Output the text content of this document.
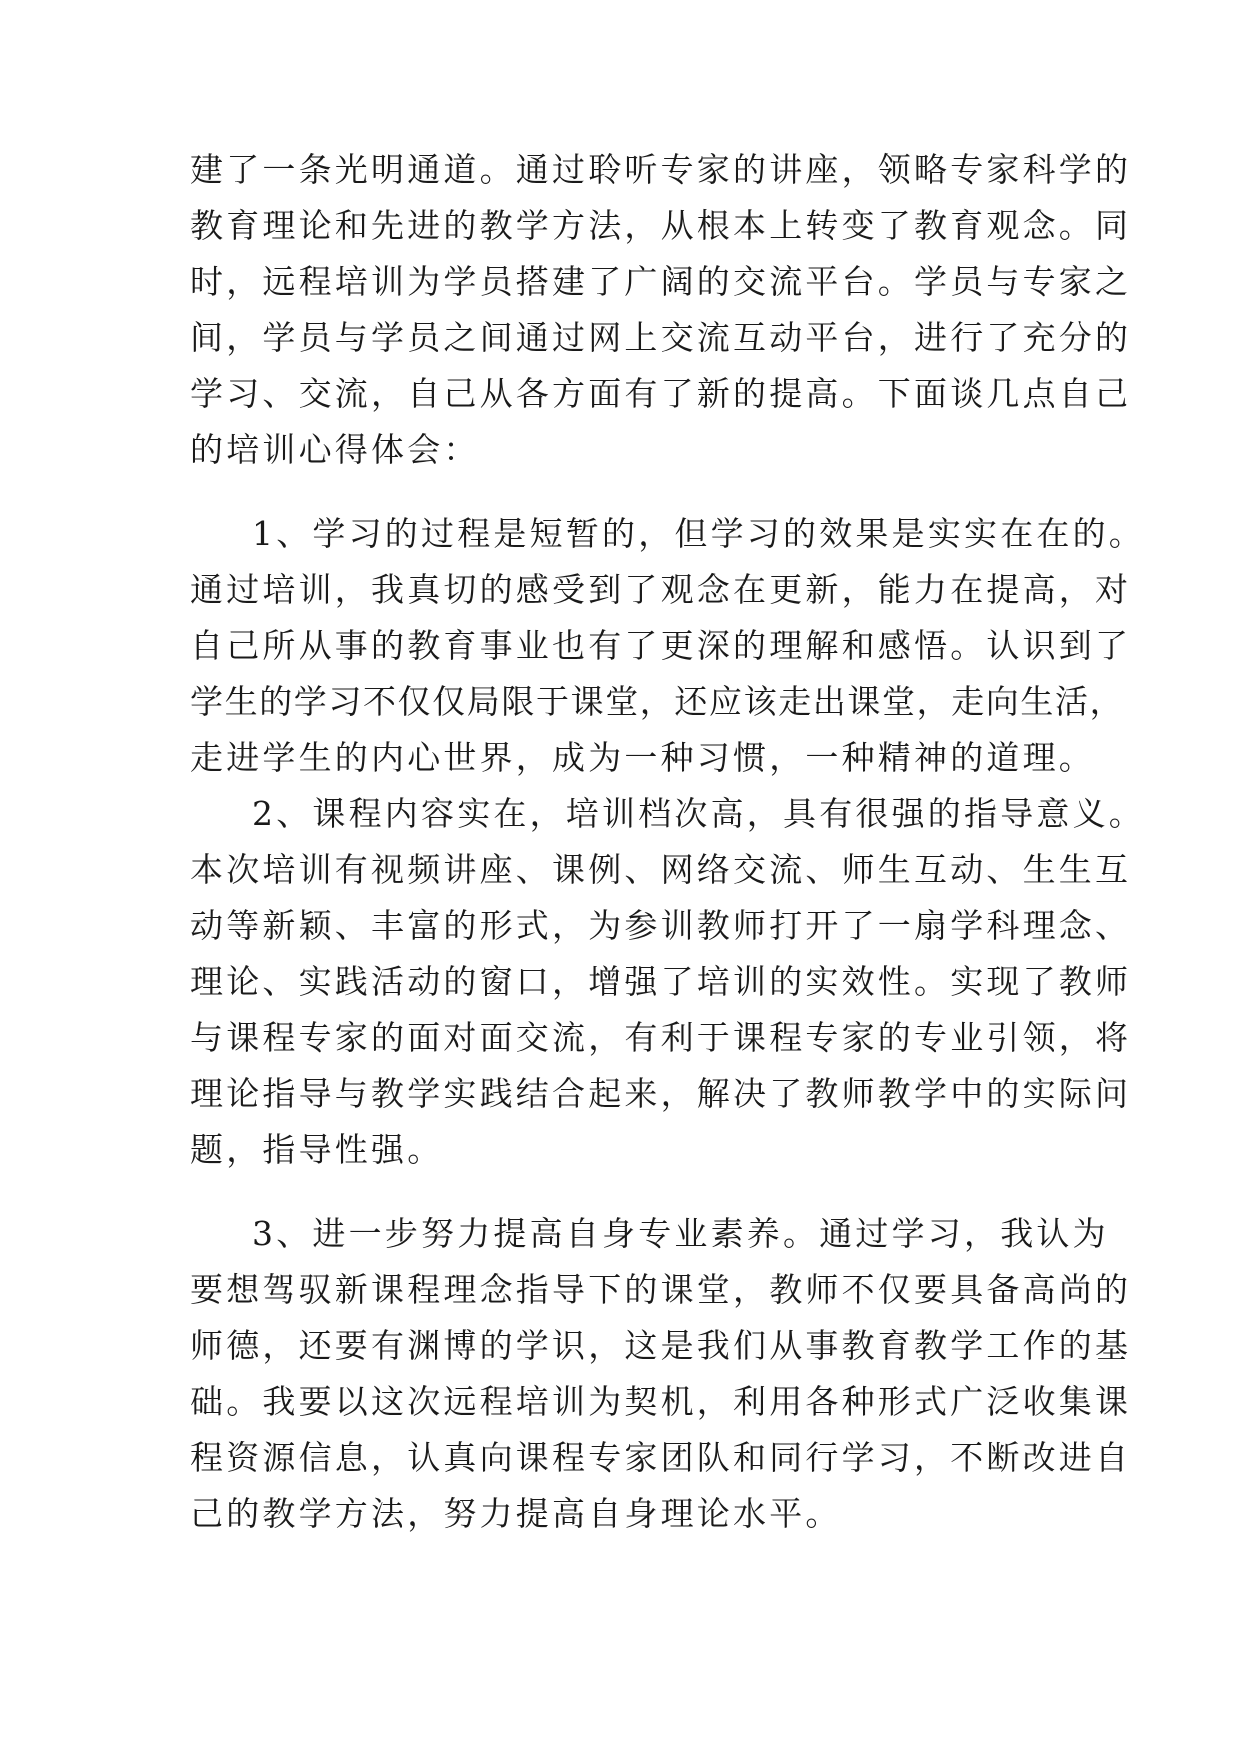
建了一条光明通道。通过聆听专家的讲座，领略专家科学的
教育理论和先进的教学方法，从根本上转变了教育观念。同
时，远程培训为学员搭建了广阔的交流平台。学员与专家之
间，学员与学员之间通过网上交流互动平台，进行了充分的
学习、交流，自己从各方面有了新的提高。下面谈几点自己
的培训心得体会：
1、学习的过程是短暂的，但学习的效果是实实在在的。
通过培训，我真切的感受到了观念在更新，能力在提高，对
自己所从事的教育事业也有了更深的理解和感悟。认识到了
学生的学习不仅仅局限于课堂，还应该走出课堂，走向生活，
走进学生的内心世界，成为一种习惯，一种精神的道理。
2、课程内容实在，培训档次高，具有很强的指导意义。
本次培训有视频讲座、课例、网络交流、师生互动、生生互
动等新颖、丰富的形式，为参训教师打开了一扇学科理念、
理论、实践活动的窗口，增强了培训的实效性。实现了教师
与课程专家的面对面交流，有利于课程专家的专业引领，将
理论指导与教学实践结合起来，解决了教师教学中的实际问
题，指导性强。
3、进一步努力提高自身专业素养。通过学习，我认为
要想驾驭新课程理念指导下的课堂，教师不仅要具备高尚的
师德，还要有渊博的学识，这是我们从事教育教学工作的基
础。我要以这次远程培训为契机，利用各种形式广泛收集课
程资源信息，认真向课程专家团队和同行学习，不断改进自
己的教学方法，努力提高自身理论水平。
